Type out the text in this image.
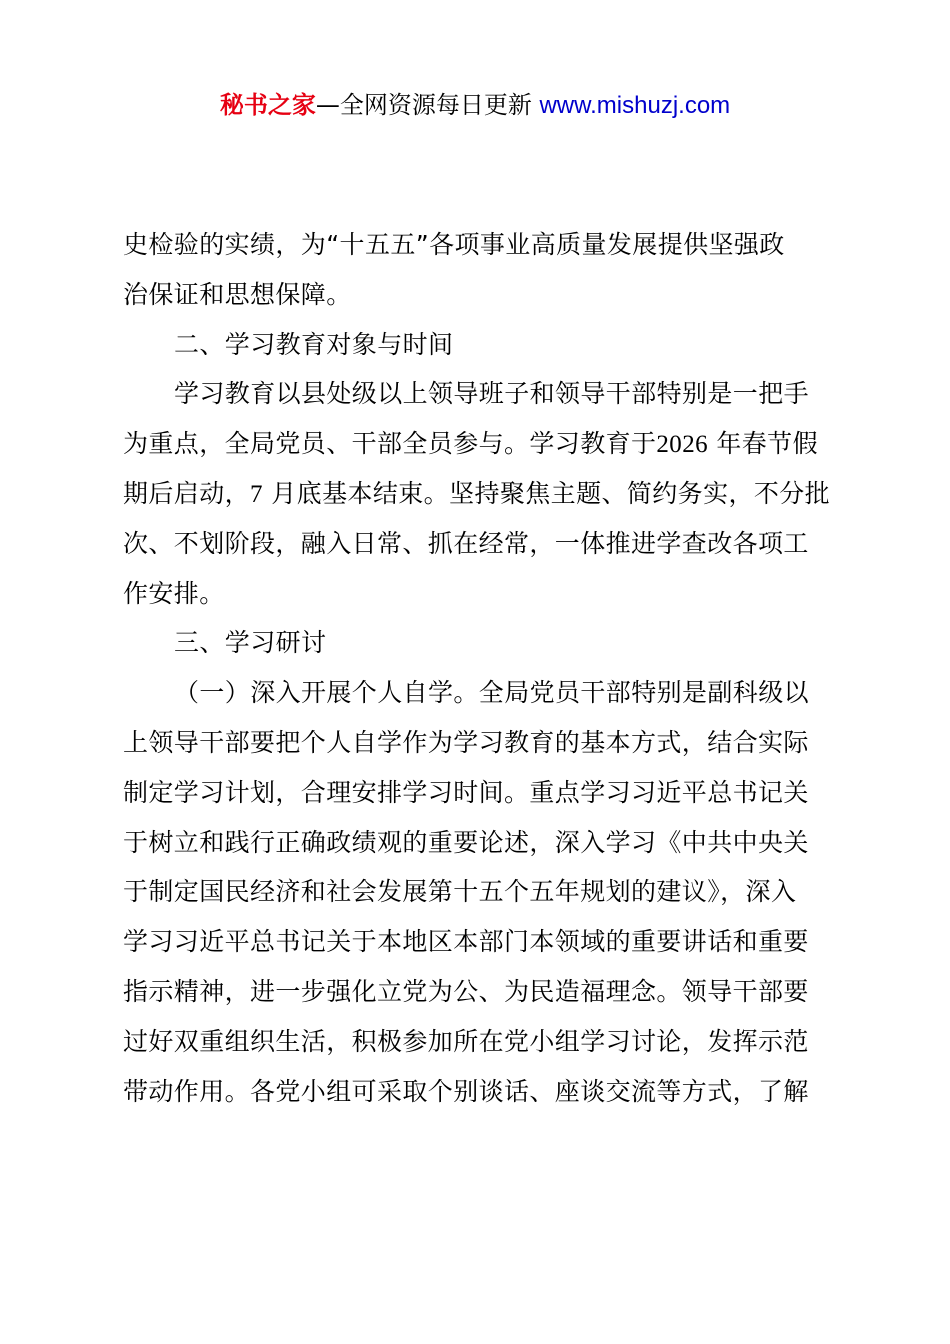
秘书之家—全网资源每日更新 www.mishuzj.com
史检验的实绩，为“十五五”各项事业高质量发展提供坚强政
治保证和思想保障。
二、学习教育对象与时间
学习教育以县处级以上领导班子和领导干部特别是一把手
为重点，全局党员、干部全员参与。学习教育于2026 年春节假
期后启动，7 月底基本结束。坚持聚焦主题、简约务实，不分批
次、不划阶段，融入日常、抓在经常，一体推进学查改各项工
作安排。
三、学习研讨
（一）深入开展个人自学。全局党员干部特别是副科级以
上领导干部要把个人自学作为学习教育的基本方式，结合实际
制定学习计划，合理安排学习时间。重点学习习近平总书记关
于树立和践行正确政绩观的重要论述，深入学习《中共中央关
于制定国民经济和社会发展第十五个五年规划的建议》，深入
学习习近平总书记关于本地区本部门本领域的重要讲话和重要
指示精神，进一步强化立党为公、为民造福理念。领导干部要
过好双重组织生活，积极参加所在党小组学习讨论，发挥示范
带动作用。各党小组可采取个别谈话、座谈交流等方式，了解
